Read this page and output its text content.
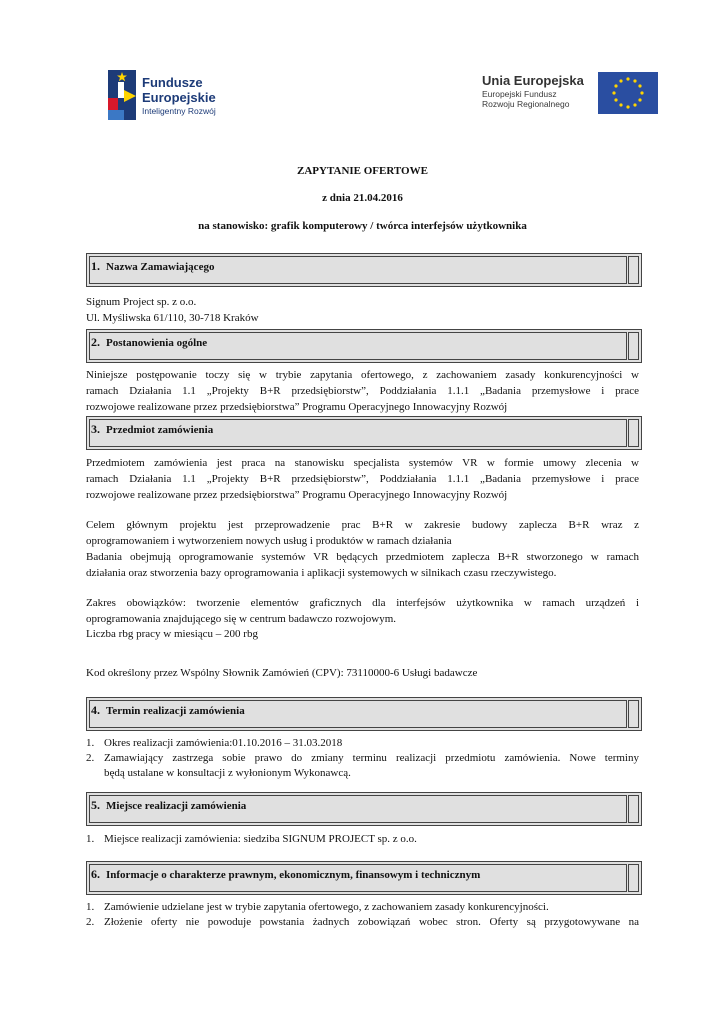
Fundusze
Europejskie
Inteligentny Rozwój
Unia Europejska
Europejski Fundusz
Rozwoju Regionalnego
ZAPYTANIE OFERTOWE
z dnia 21.04.2016
na stanowisko: grafik komputerowy / twórca interfejsów użytkownika
1. Nazwa Zamawiającego
Signum Project sp. z o.o.
Ul. Myśliwska 61/110, 30-718 Kraków
2. Postanowienia ogólne
Niniejsze postępowanie toczy się w trybie zapytania ofertowego, z zachowaniem zasady konkurencyjności w
ramach Działania 1.1 „Projekty B+R przedsiębiorstw”, Poddziałania 1.1.1 „Badania przemysłowe i prace
rozwojowe realizowane przez przedsiębiorstwa” Programu Operacyjnego Innowacyjny Rozwój
3. Przedmiot zamówienia
Przedmiotem zamówienia jest praca na stanowisku specjalista systemów VR w formie umowy zlecenia w
ramach Działania 1.1 „Projekty B+R przedsiębiorstw”, Poddziałania 1.1.1 „Badania przemysłowe i prace
rozwojowe realizowane przez przedsiębiorstwa” Programu Operacyjnego Innowacyjny Rozwój
Celem głównym projektu jest przeprowadzenie prac B+R w zakresie budowy zaplecza B+R wraz z
oprogramowaniem i wytworzeniem nowych usług i produktów w ramach działania
Badania obejmują oprogramowanie systemów VR będących przedmiotem zaplecza B+R stworzonego w ramach
działania oraz stworzenia bazy oprogramowania i aplikacji systemowych w silnikach czasu rzeczywistego.
Zakres obowiązków: tworzenie elementów graficznych dla interfejsów użytkownika w ramach urządzeń i
oprogramowania znajdującego się w centrum badawczo rozwojowym.
Liczba rbg pracy w miesiącu – 200 rbg
Kod określony przez Wspólny Słownik Zamówień (CPV): 73110000-6 Usługi badawcze
4. Termin realizacji zamówienia
1. Okres realizacji zamówienia:01.10.2016 – 31.03.2018
2. Zamawiający zastrzega sobie prawo do zmiany terminu realizacji przedmiotu zamówienia. Nowe terminy
będą ustalane w konsultacji z wyłonionym Wykonawcą.
5. Miejsce realizacji zamówienia
1. Miejsce realizacji zamówienia: siedziba SIGNUM PROJECT sp. z o.o.
6. Informacje o charakterze prawnym, ekonomicznym, finansowym i technicznym
1. Zamówienie udzielane jest w trybie zapytania ofertowego, z zachowaniem zasady konkurencyjności.
2. Złożenie oferty nie powoduje powstania żadnych zobowiązań wobec stron. Oferty są przygotowywane na
